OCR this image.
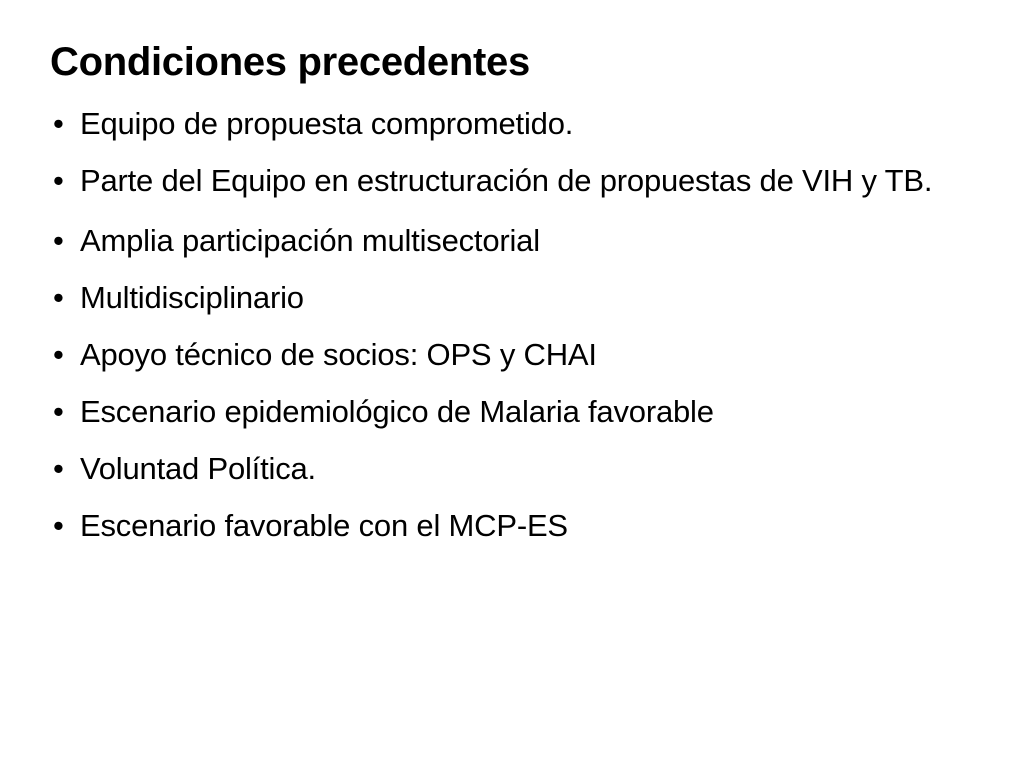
Condiciones precedentes
• Equipo de propuesta comprometido.
• Parte del Equipo en estructuración de propuestas de VIH y TB.
• Amplia participación multisectorial
• Multidisciplinario
• Apoyo técnico de socios: OPS y CHAI
• Escenario epidemiológico de Malaria favorable
• Voluntad Política.
• Escenario favorable con el MCP-ES
